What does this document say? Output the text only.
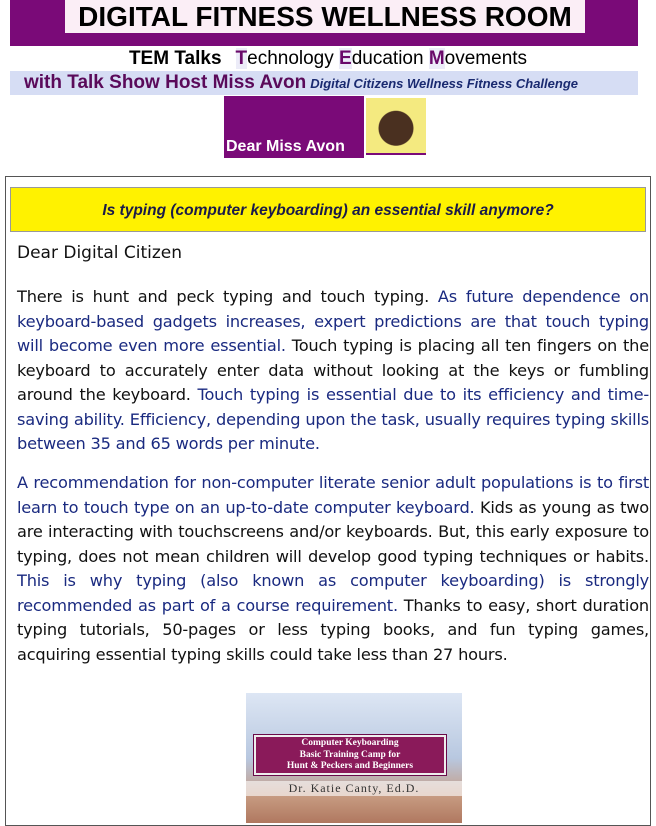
DIGITAL FITNESS WELLNESS ROOM
TEM Talks Technology Education Movements
with Talk Show Host Miss Avon Digital Citizens Wellness Fitness Challenge
Dear Miss Avon
Is typing (computer keyboarding) an essential skill anymore?
Dear Digital Citizen
There is hunt and peck typing and touch typing. As future dependence on keyboard-based gadgets increases, expert predictions are that touch typing will become even more essential. Touch typing is placing all ten fingers on the keyboard to accurately enter data without looking at the keys or fumbling around the keyboard. Touch typing is essential due to its efficiency and time-saving ability. Efficiency, depending upon the task, usually requires typing skills between 35 and 65 words per minute.
A recommendation for non-computer literate senior adult populations is to first learn to touch type on an up-to-date computer keyboard. Kids as young as two are interacting with touchscreens and/or keyboards. But, this early exposure to typing, does not mean children will develop good typing techniques or habits. This is why typing (also known as computer keyboarding) is strongly recommended as part of a course requirement. Thanks to easy, short duration typing tutorials, 50-pages or less typing books, and fun typing games, acquiring essential typing skills could take less than 27 hours.
Computer Keyboarding
Basic Training Camp for
Hunt & Peckers and Beginners
Dr. Katie Canty, Ed.D.
